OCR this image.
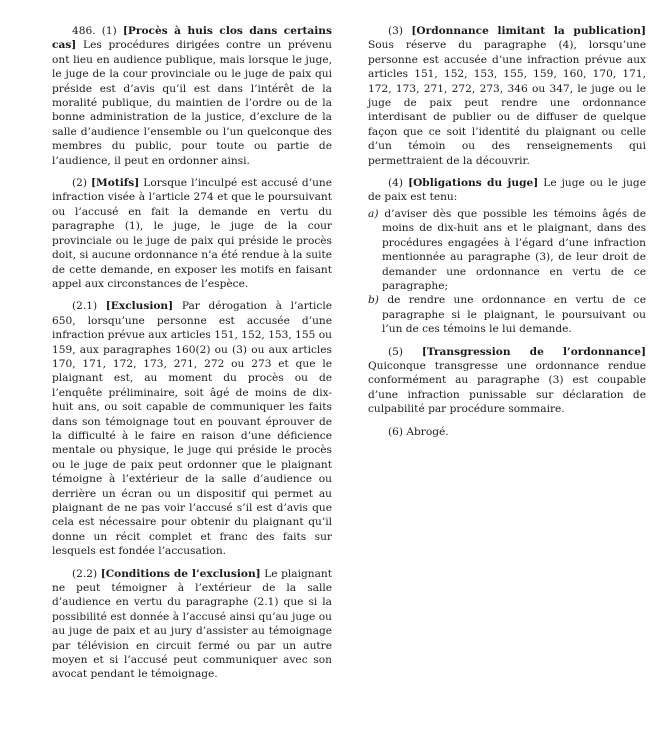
486. (1) [Procès à huis clos dans certains cas] Les procédures dirigées contre un prévenu ont lieu en audience publique, mais lorsque le juge, le juge de la cour provinciale ou le juge de paix qui préside est d’avis qu’il est dans l’intérêt de la moralité publique, du maintien de l’ordre ou de la bonne administration de la justice, d’exclure de la salle d’audience l’ensemble ou l’un quelconque des membres du public, pour toute ou partie de l’audience, il peut en ordonner ainsi.

(2) [Motifs] Lorsque l’inculpé est accusé d’une infraction visée à l’article 274 et que le poursuivant ou l’accusé en fait la demande en vertu du paragraphe (1), le juge, le juge de la cour provinciale ou le juge de paix qui préside le procès doit, si aucune ordonnance n’a été rendue à la suite de cette demande, en exposer les motifs en faisant appel aux circonstances de l’espèce.

(2.1) [Exclusion] Par dérogation à l’article 650, lorsqu’une personne est accusée d’une infraction prévue aux articles 151, 152, 153, 155 ou 159, aux paragraphes 160(2) ou (3) ou aux articles 170, 171, 172, 173, 271, 272 ou 273 et que le plaignant est, au moment du procès ou de l’enquête préliminaire, soit âgé de moins de dix-huit ans, ou soit capable de communiquer les faits dans son témoignage tout en pouvant éprouver de la difficulté à le faire en raison d’une déficience mentale ou physique, le juge qui préside le procès ou le juge de paix peut ordonner que le plaignant témoigne à l’extérieur de la salle d’audience ou derrière un écran ou un dispositif qui permet au plaignant de ne pas voir l’accusé s’il est d’avis que cela est nécessaire pour obtenir du plaignant qu’il donne un récit complet et franc des faits sur lesquels est fondée l’accusation.

(2.2) [Conditions de l’exclusion] Le plaignant ne peut témoigner à l’extérieur de la salle d’audience en vertu du paragraphe (2.1) que si la possibilité est donnée à l’accusé ainsi qu’au juge ou au juge de paix et au jury d’assister au témoignage par télévision en circuit fermé ou par un autre moyen et si l’accusé peut communiquer avec son avocat pendant le témoignage.

(3) [Ordonnance limitant la publication] Sous réserve du paragraphe (4), lorsqu’une personne est accusée d’une infraction prévue aux articles 151, 152, 153, 155, 159, 160, 170, 171, 172, 173, 271, 272, 273, 346 ou 347, le juge ou le juge de paix peut rendre une ordonnance interdisant de publier ou de diffuser de quelque façon que ce soit l’identité du plaignant ou celle d’un témoin ou des renseignements qui permettraient de la découvrir.

(4) [Obligations du juge] Le juge ou le juge de paix est tenu:

a) d’aviser dès que possible les témoins âgés de moins de dix-huit ans et le plaignant, dans des procédures engagées à l’égard d’une infraction mentionnée au paragraphe (3), de leur droit de demander une ordonnance en vertu de ce paragraphe;

b) de rendre une ordonnance en vertu de ce paragraphe si le plaignant, le poursuivant ou l’un de ces témoins le lui demande.

(5) [Transgression de l’ordonnance] Quiconque transgresse une ordonnance rendue conformément au paragraphe (3) est coupable d’une infraction punissable sur déclaration de culpabilité par procédure sommaire.

(6) Abrogé.
